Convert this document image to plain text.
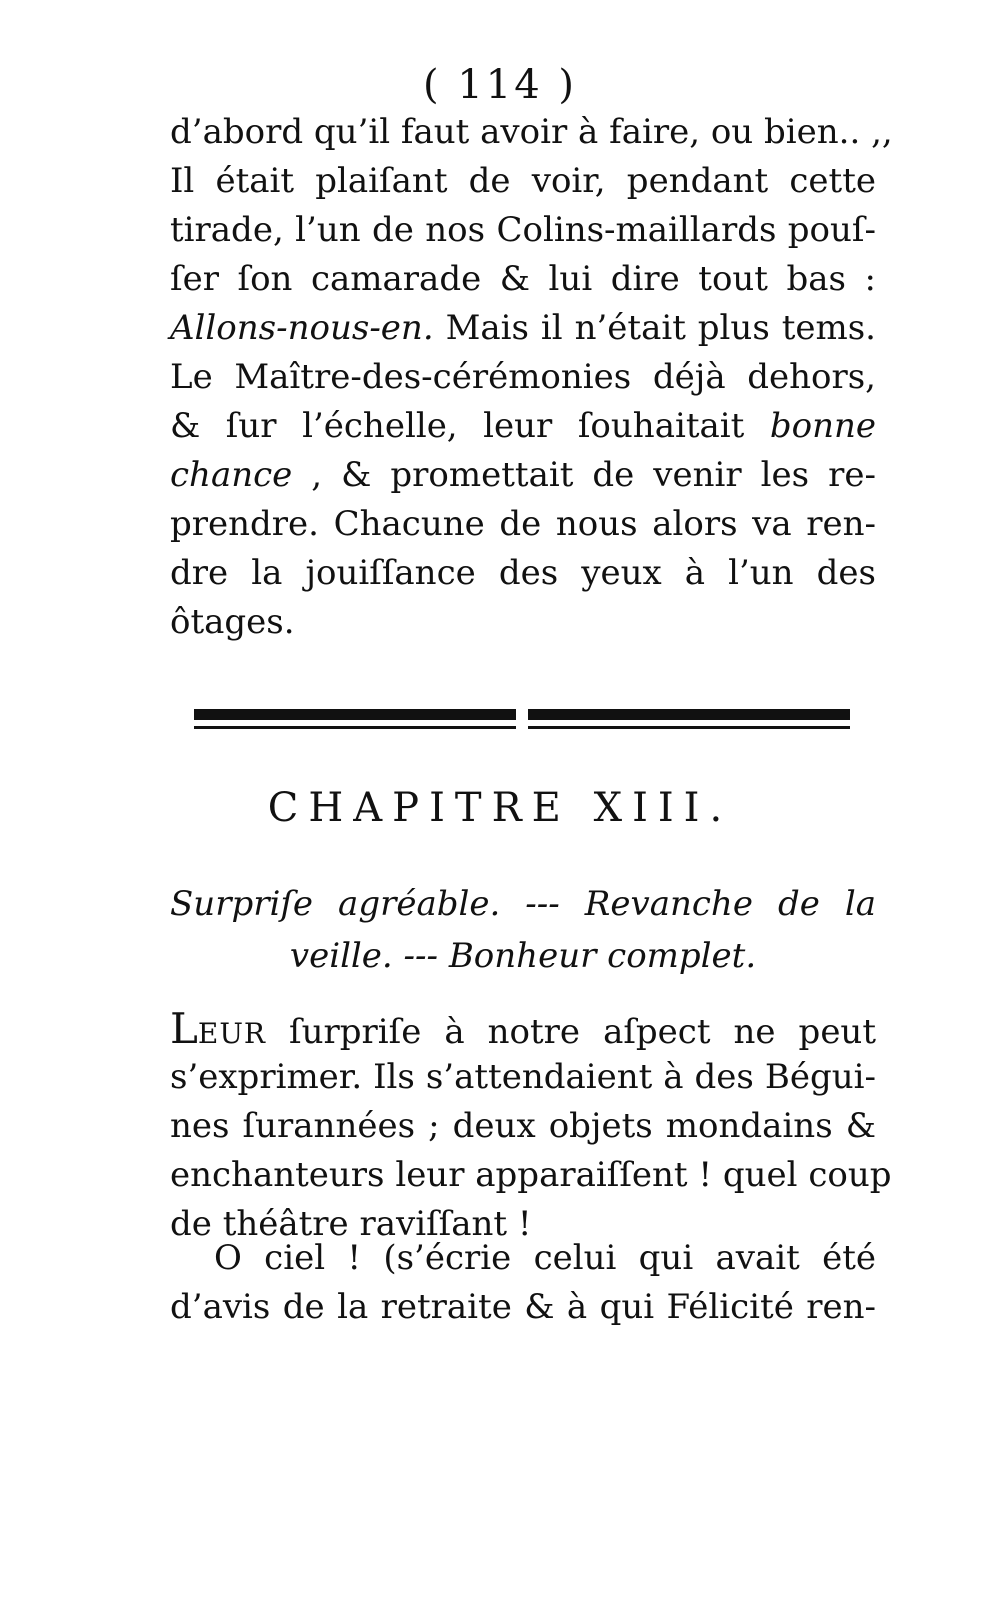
( 114 )
d’abord qu’il faut avoir à faire, ou bien.. ,,
Il était plaiſant de voir, pendant cette
tirade, l’un de nos Colins-maillards pouſ-
ſer ſon camarade & lui dire tout bas :
Allons-nous-en. Mais il n’était plus tems.
Le Maître-des-cérémonies déjà dehors,
& ſur l’échelle, leur ſouhaitait bonne
chance , & promettait de venir les re-
prendre. Chacune de nous alors va ren-
dre la jouiſſance des yeux à l’un des
ôtages.
CHAPITRE XIII.
Surpriſe agréable. --- Revanche de la
veille. --- Bonheur complet.
LEUR ſurpriſe à notre aſpect ne peut
s’exprimer. Ils s’attendaient à des Bégui-
nes ſurannées ; deux objets mondains &
enchanteurs leur apparaiſſent ! quel coup
de théâtre raviſſant !
O ciel ! (s’écrie celui qui avait été
d’avis de la retraite & à qui Félicité ren-
